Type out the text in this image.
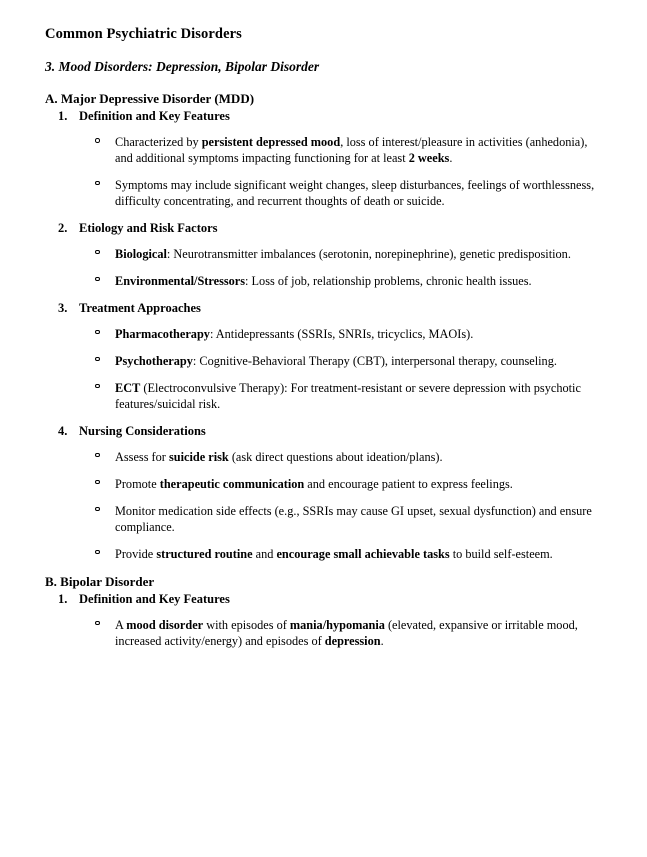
Common Psychiatric Disorders
3. Mood Disorders: Depression, Bipolar Disorder
A. Major Depressive Disorder (MDD)
1. Definition and Key Features
Characterized by persistent depressed mood, loss of interest/pleasure in activities (anhedonia), and additional symptoms impacting functioning for at least 2 weeks.
Symptoms may include significant weight changes, sleep disturbances, feelings of worthlessness, difficulty concentrating, and recurrent thoughts of death or suicide.
2. Etiology and Risk Factors
Biological: Neurotransmitter imbalances (serotonin, norepinephrine), genetic predisposition.
Environmental/Stressors: Loss of job, relationship problems, chronic health issues.
3. Treatment Approaches
Pharmacotherapy: Antidepressants (SSRIs, SNRIs, tricyclics, MAOIs).
Psychotherapy: Cognitive-Behavioral Therapy (CBT), interpersonal therapy, counseling.
ECT (Electroconvulsive Therapy): For treatment-resistant or severe depression with psychotic features/suicidal risk.
4. Nursing Considerations
Assess for suicide risk (ask direct questions about ideation/plans).
Promote therapeutic communication and encourage patient to express feelings.
Monitor medication side effects (e.g., SSRIs may cause GI upset, sexual dysfunction) and ensure compliance.
Provide structured routine and encourage small achievable tasks to build self-esteem.
B. Bipolar Disorder
1. Definition and Key Features
A mood disorder with episodes of mania/hypomania (elevated, expansive or irritable mood, increased activity/energy) and episodes of depression.
